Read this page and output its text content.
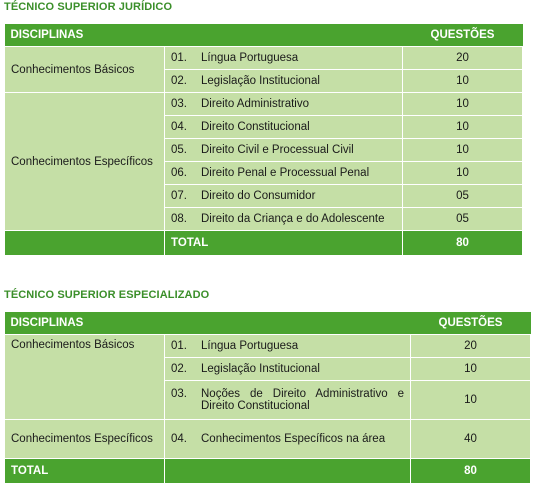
TÉCNICO SUPERIOR JURÍDICO
DISCIPLINAS		QUESTÕES
Conhecimentos Básicos	01. Língua Portuguesa	20
	02. Legislação Institucional	10
Conhecimentos Específicos	03. Direito Administrativo	10
	04. Direito Constitucional	10
	05. Direito Civil e Processual Civil	10
	06. Direito Penal e Processual Penal	10
	07. Direito do Consumidor	05
	08. Direito da Criança e do Adolescente	05
	TOTAL	80
TÉCNICO SUPERIOR ESPECIALIZADO
DISCIPLINAS		QUESTÕES
Conhecimentos Básicos	01. Língua Portuguesa	20
	02. Legislação Institucional	10

	03. Noções de Direito Administrativo e Direito Constitucional	10
Conhecimentos Específicos	04. Conhecimentos Específicos na área	40
TOTAL		80
